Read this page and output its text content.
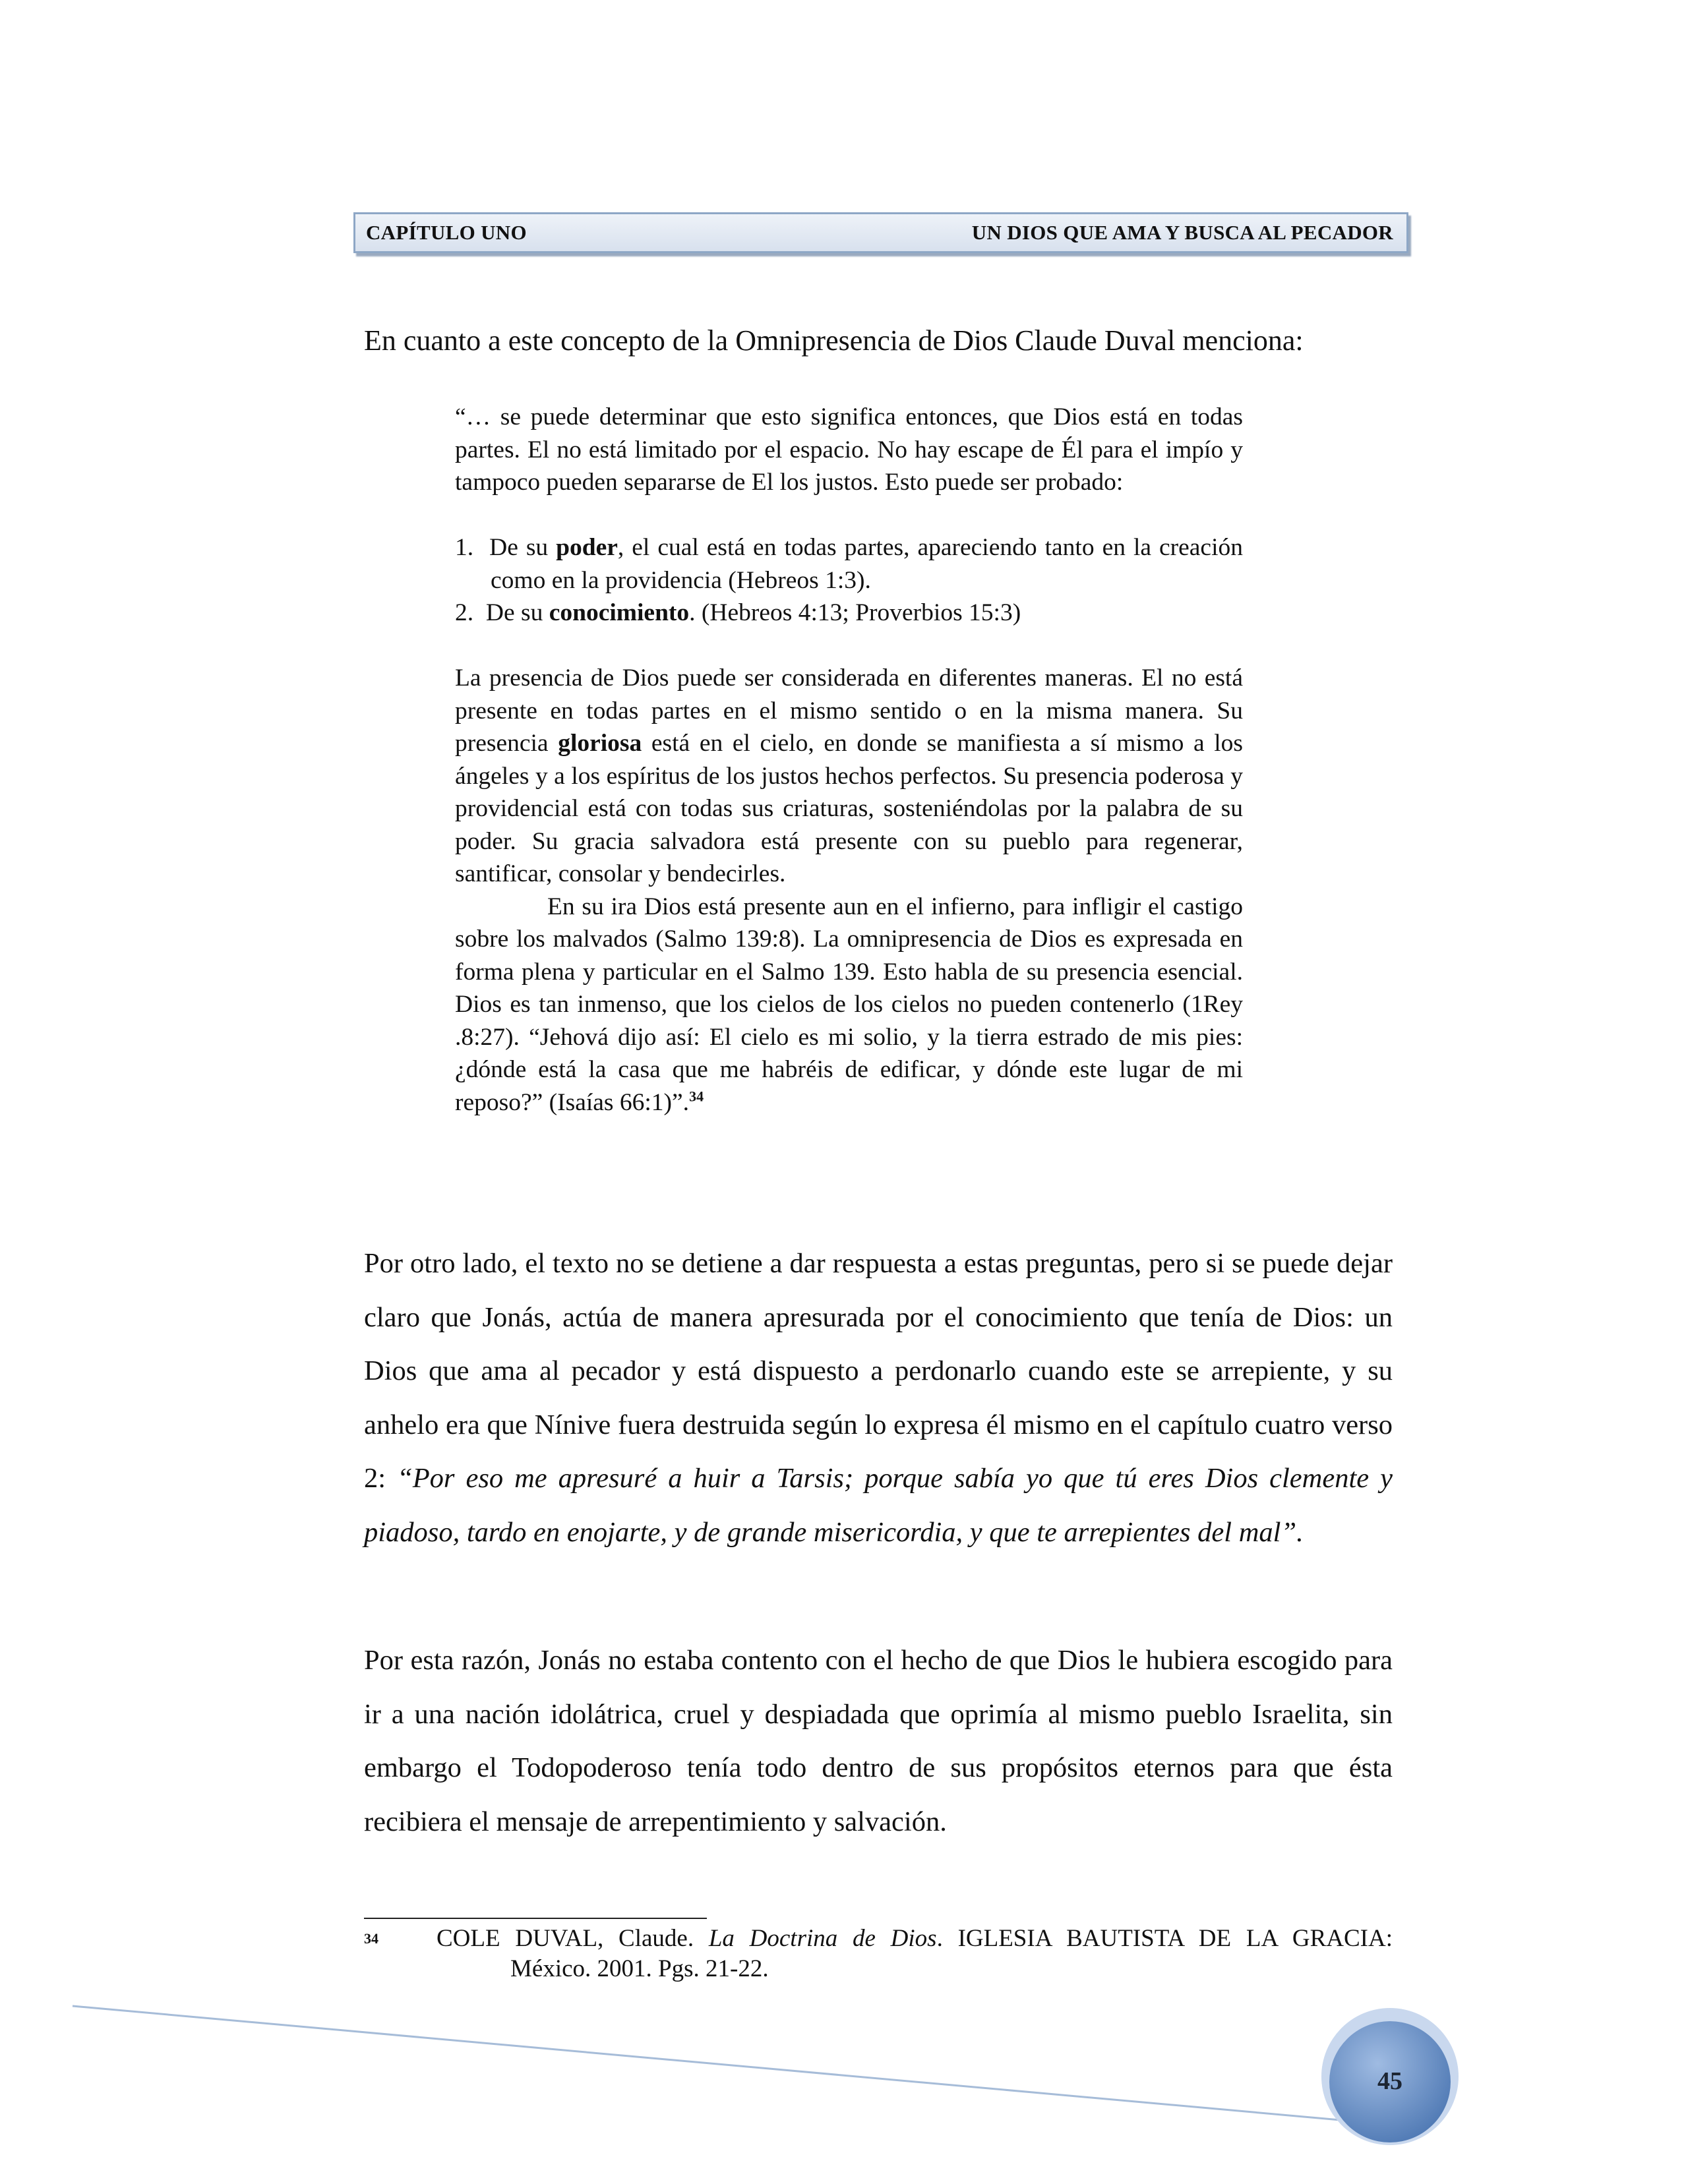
CAPÍTULO UNO	UN DIOS QUE AMA Y BUSCA AL PECADOR

En cuanto a este concepto de la Omnipresencia de Dios Claude Duval menciona:

“… se puede determinar que esto significa entonces, que Dios está en todas partes. El no está limitado por el espacio. No hay escape de Él para el impío y tampoco pueden separarse de El los justos. Esto puede ser probado:

1. De su poder, el cual está en todas partes, apareciendo tanto en la creación como en la providencia (Hebreos 1:3).

2. De su conocimiento. (Hebreos 4:13; Proverbios 15:3)

La presencia de Dios puede ser considerada en diferentes maneras. El no está presente en todas partes en el mismo sentido o en la misma manera. Su presencia gloriosa está en el cielo, en donde se manifiesta a sí mismo a los ángeles y a los espíritus de los justos hechos perfectos. Su presencia poderosa y providencial está con todas sus criaturas, sosteniéndolas por la palabra de su poder. Su gracia salvadora está presente con su pueblo para regenerar, santificar, consolar y bendecirles.

En su ira Dios está presente aun en el infierno, para infligir el castigo sobre los malvados (Salmo 139:8). La omnipresencia de Dios es expresada en forma plena y particular en el Salmo 139. Esto habla de su presencia esencial. Dios es tan inmenso, que los cielos de los cielos no pueden contenerlo (1Rey .8:27). “Jehová dijo así: El cielo es mi solio, y la tierra estrado de mis pies: ¿dónde está la casa que me habréis de edificar, y dónde este lugar de mi reposo?” (Isaías 66:1)”.$^{34}$

Por otro lado, el texto no se detiene a dar respuesta a estas preguntas, pero si se puede dejar claro que Jonás, actúa de manera apresurada por el conocimiento que tenía de Dios: un Dios que ama al pecador y está dispuesto a perdonarlo cuando este se arrepiente, y su anhelo era que Nínive fuera destruida según lo expresa él mismo en el capítulo cuatro verso 2: “Por eso me apresuré a huir a Tarsis; porque sabía yo que tú eres Dios clemente y piadoso, tardo en enojarte, y de grande misericordia, y que te arrepientes del mal”.

Por esta razón, Jonás no estaba contento con el hecho de que Dios le hubiera escogido para ir a una nación idolátrica, cruel y despiadada que oprimía al mismo pueblo Israelita, sin embargo el Todopoderoso tenía todo dentro de sus propósitos eternos para que ésta recibiera el mensaje de arrepentimiento y salvación.

34	COLE DUVAL, Claude. La Doctrina de Dios. IGLESIA BAUTISTA DE LA GRACIA:
México. 2001. Pgs. 21-22.
45
